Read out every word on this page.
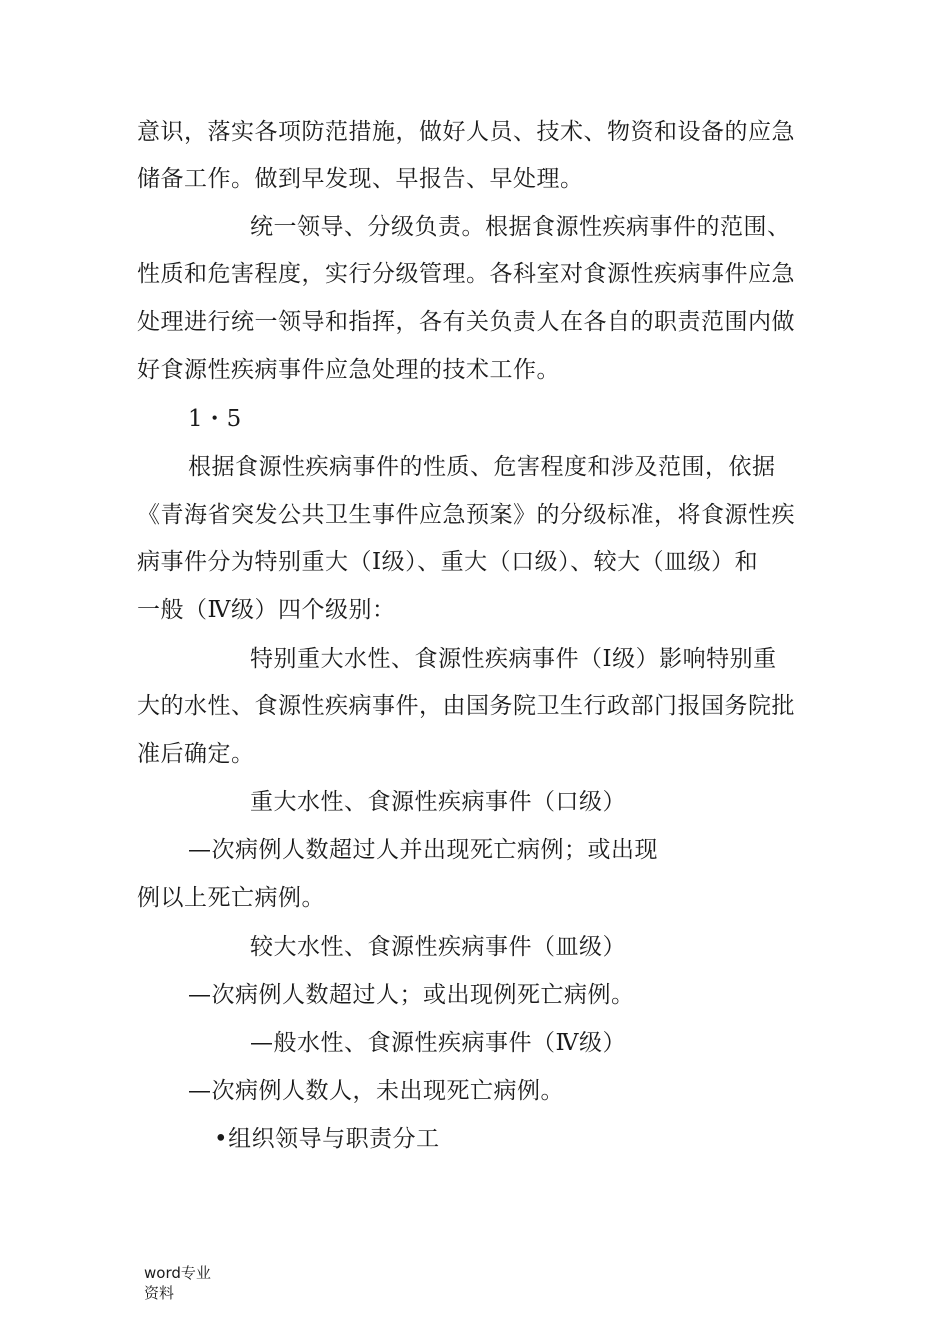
意识，落实各项防范措施，做好人员、技术、物资和设备的应急
储备工作。做到早发现、早报告、早处理。
统一领导、分级负责。根据食源性疾病事件的范围、
性质和危害程度，实行分级管理。各科室对食源性疾病事件应急
处理进行统一领导和指挥，各有关负责人在各自的职责范围内做
好食源性疾病事件应急处理的技术工作。
1・5
根据食源性疾病事件的性质、危害程度和涉及范围，依据
《青海省突发公共卫生事件应急预案》的分级标准，将食源性疾
病事件分为特别重大（Ⅰ级）、重大（口级）、较大（皿级）和
一般（Ⅳ级）四个级别：
特别重大水性、食源性疾病事件（Ⅰ级）影响特别重
大的水性、食源性疾病事件，由国务院卫生行政部门报国务院批
准后确定。
重大水性、食源性疾病事件（口级）
—次病例人数超过人并出现死亡病例；或出现
例以上死亡病例。
较大水性、食源性疾病事件（皿级）
—次病例人数超过人；或出现例死亡病例。
—般水性、食源性疾病事件（Ⅳ级）
—次病例人数人，未出现死亡病例。
•组织领导与职责分工
word专业
资料
